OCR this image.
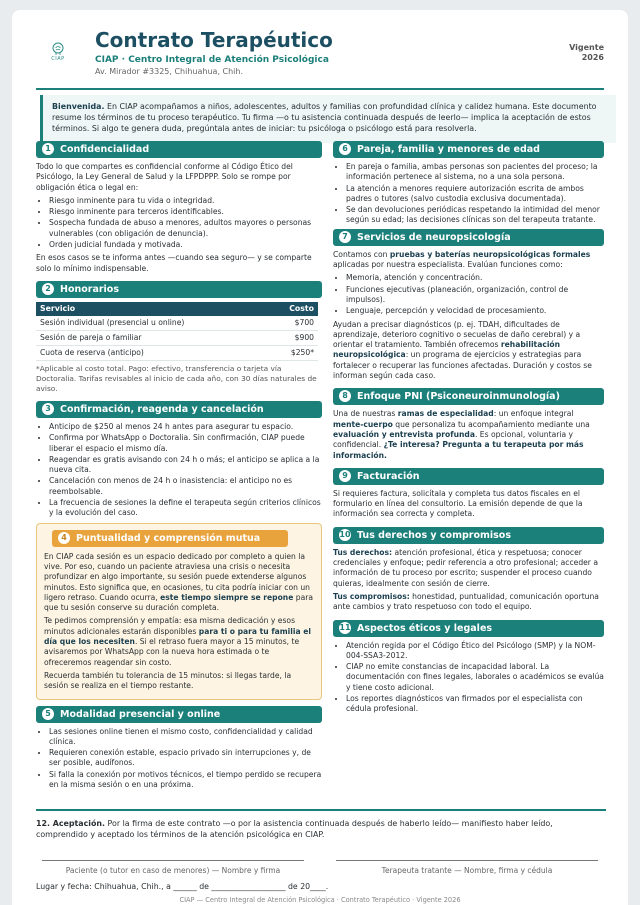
CIAP
Contrato Terapéutico
CIAP · Centro Integral de Atención Psicológica
Av. Mirador #3325, Chihuahua, Chih.
Vigente
2026
Bienvenida. En CIAP acompañamos a niños, adolescentes, adultos y familias con profundidad clínica y calidez humana. Este documento resume los términos de tu proceso terapéutico. Tu firma —o tu asistencia continuada después de leerlo— implica la aceptación de estos términos. Si algo te genera duda, pregúntala antes de iniciar: tu psicóloga o psicólogo está para resolverla.
1 Confidencialidad

Todo lo que compartes es confidencial conforme al Código Ético del Psicólogo, la Ley General de Salud y la LFPDPPP. Solo se rompe por obligación ética o legal en:

• Riesgo inminente para tu vida o integridad.
• Riesgo inminente para terceros identificables.
• Sospecha fundada de abuso a menores, adultos mayores o personas vulnerables (con obligación de denuncia).
• Orden judicial fundada y motivada.

En esos casos se te informa antes —cuando sea seguro— y se comparte solo lo mínimo indispensable.

2 Honorarios
Servicio	Costo
Sesión individual (presencial u online)	$700
Sesión de pareja o familiar	$900
Cuota de reserva (anticipo)	$250*

*Aplicable al costo total. Pago: efectivo, transferencia o tarjeta vía Doctoralia. Tarifas revisables al inicio de cada año, con 30 días naturales de aviso.

3 Confirmación, reagenda y cancelación
• Anticipo de $250 al menos 24 h antes para asegurar tu espacio.
• Confirma por WhatsApp o Doctoralia. Sin confirmación, CIAP puede liberar el espacio el mismo día.
• Reagendar es gratis avisando con 24 h o más; el anticipo se aplica a la nueva cita.
• Cancelación con menos de 24 h o inasistencia: el anticipo no es reembolsable.
• La frecuencia de sesiones la define el terapeuta según criterios clínicos y la evolución del caso.
4 Puntualidad y comprensión mutua

En CIAP cada sesión es un espacio dedicado por completo a quien la vive. Por eso, cuando un paciente atraviesa una crisis o necesita profundizar en algo importante, su sesión puede extenderse algunos minutos. Esto significa que, en ocasiones, tu cita podría iniciar con un ligero retraso. Cuando ocurra, este tiempo siempre se repone para que tu sesión conserve su duración completa.

Te pedimos comprensión y empatía: esa misma dedicación y esos minutos adicionales estarán disponibles para ti o para tu familia el día que los necesiten. Si el retraso fuera mayor a 15 minutos, te avisaremos por WhatsApp con la nueva hora estimada o te ofreceremos reagendar sin costo.

Recuerda también tu tolerancia de 15 minutos: si llegas tarde, la sesión se realiza en el tiempo restante.

5 Modalidad presencial y online
• Las sesiones online tienen el mismo costo, confidencialidad y calidad clínica.
• Requieren conexión estable, espacio privado sin interrupciones y, de ser posible, audífonos.
• Si falla la conexión por motivos técnicos, el tiempo perdido se recupera en la misma sesión o en una próxima.
6 Pareja, familia y menores de edad
• En pareja o familia, ambas personas son pacientes del proceso; la información pertenece al sistema, no a una sola persona.
• La atención a menores requiere autorización escrita de ambos padres o tutores (salvo custodia exclusiva documentada).
• Se dan devoluciones periódicas respetando la intimidad del menor según su edad; las decisiones clínicas son del terapeuta tratante.
7 Servicios de neuropsicología

Contamos con pruebas y baterías neuropsicológicas formales aplicadas por nuestra especialista. Evalúan funciones como:

• Memoria, atención y concentración.
• Funciones ejecutivas (planeación, organización, control de impulsos).
• Lenguaje, percepción y velocidad de procesamiento.

Ayudan a precisar diagnósticos (p. ej. TDAH, dificultades de aprendizaje, deterioro cognitivo o secuelas de daño cerebral) y a orientar el tratamiento. También ofrecemos rehabilitación neuropsicológica: un programa de ejercicios y estrategias para fortalecer o recuperar las funciones afectadas. Duración y costos se informan según cada caso.

8 Enfoque PNI (Psiconeuroinmunología)

Una de nuestras ramas de especialidad: un enfoque integral mente-cuerpo que personaliza tu acompañamiento mediante una evaluación y entrevista profunda. Es opcional, voluntaria y confidencial. ¿Te interesa? Pregunta a tu terapeuta por más información.

9 Facturación

Si requieres factura, solicítala y completa tus datos fiscales en el formulario en línea del consultorio. La emisión depende de que la información sea correcta y completa.

10 Tus derechos y compromisos

Tus derechos: atención profesional, ética y respetuosa; conocer credenciales y enfoque; pedir referencia a otro profesional; acceder a información de tu proceso por escrito; suspender el proceso cuando quieras, idealmente con sesión de cierre.

Tus compromisos: honestidad, puntualidad, comunicación oportuna ante cambios y trato respetuoso con todo el equipo.

11 Aspectos éticos y legales
• Atención regida por el Código Ético del Psicólogo (SMP) y la NOM-004-SSA3-2012.
• CIAP no emite constancias de incapacidad laboral. La documentación con fines legales, laborales o académicos se evalúa y tiene costo adicional.
• Los reportes diagnósticos van firmados por el especialista con cédula profesional.
12. Aceptación. Por la firma de este contrato —o por la asistencia continuada después de haberlo leído— manifiesto haber leído, comprendido y aceptado los términos de la atención psicológica en CIAP.
Paciente (o tutor en caso de menores) — Nombre y firma	Terapeuta tratante — Nombre, firma y cédula
Lugar y fecha: Chihuahua, Chih., a ______ de ___________________ de 20____.
CIAP — Centro Integral de Atención Psicológica · Contrato Terapéutico · Vigente 2026
